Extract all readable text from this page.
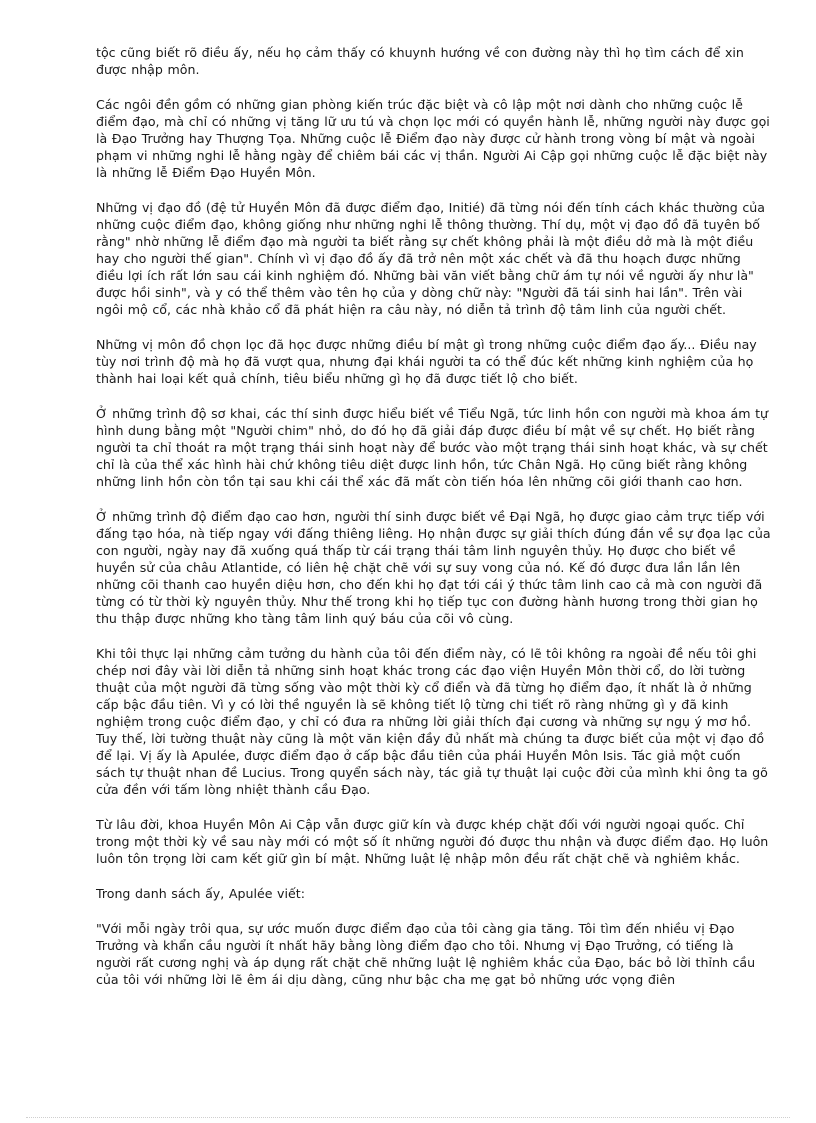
tộc cũng biết rõ điều ấy, nếu họ cảm thấy có khuynh hướng về con đường này thì họ tìm cách để xin được nhập môn.

Các ngôi đền gồm có những gian phòng kiến trúc đặc biệt và cô lập một nơi dành cho những cuộc lễ điểm đạo, mà chỉ có những vị tăng lữ ưu tú và chọn lọc mới có quyền hành lễ, những người này được gọi là Đạo Trưởng hay Thượng Tọa. Những cuộc lễ Điểm đạo này được cử hành trong vòng bí mật và ngoài phạm vi những nghi lễ hằng ngày để chiêm bái các vị thần. Người Ai Cập gọi những cuộc lễ đặc biệt này là những lễ Điểm Đạo Huyền Môn.

Những vị đạo đồ (đệ tử Huyền Môn đã được điểm đạo, Initié) đã từng nói đến tính cách khác thường của những cuộc điểm đạo, không giống như những nghi lễ thông thường. Thí dụ, một vị đạo đồ đã tuyên bố rằng" nhờ những lễ điểm đạo mà người ta biết rằng sự chết không phải là một điều dở mà là một điều hay cho người thế gian". Chính vì vị đạo đồ ấy đã trở nên một xác chết và đã thu hoạch được những điều lợi ích rất lớn sau cái kinh nghiệm đó. Những bài văn viết bằng chữ ám tự nói về người ấy như là" được hồi sinh", và y có thể thêm vào tên họ của y dòng chữ này: "Người đã tái sinh hai lần". Trên vài ngôi mộ cổ, các nhà khảo cổ đã phát hiện ra câu này, nó diễn tả trình độ tâm linh của người chết.

Những vị môn đồ chọn lọc đã học được những điều bí mật gì trong những cuộc điểm đạo ấy... Điều nay tùy nơi trình độ mà họ đã vượt qua, nhưng đại khái người ta có thể đúc kết những kinh nghiệm của họ thành hai loại kết quả chính, tiêu biểu những gì họ đã được tiết lộ cho biết.

Ở những trình độ sơ khai, các thí sinh được hiểu biết về Tiểu Ngã, tức linh hồn con người mà khoa ám tự hình dung bằng một "Người chim" nhỏ, do đó họ đã giải đáp được điều bí mật về sự chết. Họ biết rằng người ta chỉ thoát ra một trạng thái sinh hoạt này để bước vào một trạng thái sinh hoạt khác, và sự chết chỉ là của thể xác hình hài chứ không tiêu diệt được linh hồn, tức Chân Ngã. Họ cũng biết rằng không những linh hồn còn tồn tại sau khi cái thể xác đã mất còn tiến hóa lên những cõi giới thanh cao hơn.

Ở những trình độ điểm đạo cao hơn, người thí sinh được biết về Đại Ngã, họ được giao cảm trực tiếp với đấng tạo hóa, nà tiếp ngay với đấng thiêng liêng. Họ nhận được sự giải thích đúng đắn về sự đọa lạc của con người, ngày nay đã xuống quá thấp từ cái trạng thái tâm linh nguyên thủy. Họ được cho biết về huyền sử của châu Atlantide, có liên hệ chặt chẽ với sự suy vong của nó. Kế đó được đưa lần lần lên những cõi thanh cao huyền diệu hơn, cho đến khi họ đạt tới cái ý thức tâm linh cao cả mà con người đã từng có từ thời kỳ nguyên thủy. Như thế trong khi họ tiếp tục con đường hành hương trong thời gian họ thu thập được những kho tàng tâm linh quý báu của cõi vô cùng.

Khi tôi thực lại những cảm tưởng du hành của tôi đến điểm này, có lẽ tôi không ra ngoài đề nếu tôi ghi chép nơi đây vài lời diễn tả những sinh hoạt khác trong các đạo viện Huyền Môn thời cổ, do lời tường thuật của một người đã từng sống vào một thời kỳ cổ điển và đã từng họ điểm đạo, ít nhất là ở những cấp bậc đầu tiên. Vì y có lời thề nguyền là sẽ không tiết lộ từng chi tiết rõ ràng những gì y đã kinh nghiệm trong cuộc điểm đạo, y chỉ có đưa ra những lời giải thích đại cương và những sự ngụ ý mơ hồ. Tuy thế, lời tường thuật này cũng là một văn kiện đầy đủ nhất mà chúng ta được biết của một vị đạo đồ để lại. Vị ấy là Apulée, được điểm đạo ở cấp bậc đầu tiên của phái Huyền Môn Isis. Tác giả một cuốn sách tự thuật nhan đề Lucius. Trong quyển sách này, tác giả tự thuật lại cuộc đời của mình khi ông ta gõ cửa đền với tấm lòng nhiệt thành cầu Đạo.

Từ lâu đời, khoa Huyền Môn Ai Cập vẫn được giữ kín và được khép chặt đối với người ngoại quốc. Chỉ trong một thời kỳ về sau này mới có một số ít những người đó được thu nhận và được điểm đạo. Họ luôn luôn tôn trọng lời cam kết giữ gìn bí mật. Những luật lệ nhập môn đều rất chặt chẽ và nghiêm khắc.

Trong danh sách ấy, Apulée viết:

"Với mỗi ngày trôi qua, sự ước muốn được điểm đạo của tôi càng gia tăng. Tôi tìm đến nhiều vị Đạo Trưởng và khẩn cầu người ít nhất hãy bằng lòng điểm đạo cho tôi. Nhưng vị Đạo Trưởng, có tiếng là người rất cương nghị và áp dụng rất chặt chẽ những luật lệ nghiêm khắc của Đạo, bác bỏ lời thỉnh cầu của tôi với những lời lẽ êm ái dịu dàng, cũng như bậc cha mẹ gạt bỏ những ước vọng điên
